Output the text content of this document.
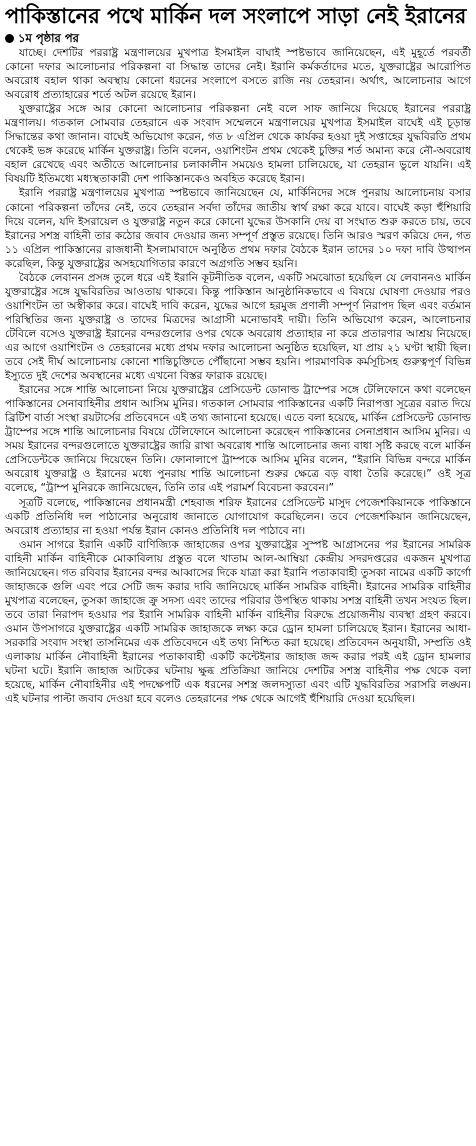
পাকিস্তানের পথে মার্কিন দল সংলাপে সাড়া নেই ইরানের
১ম পৃষ্ঠার পর

যাচ্ছে। দেশটির পররাষ্ট্র মন্ত্রণালয়ের মুখপাত্র ইসমাইল বাঘাই স্পষ্টভাবে জানিয়েছেন, এই মুহূর্তে পরবর্তী কোনো দফার আলোচনার পরিকল্পনা বা সিদ্ধান্ত তাদের নেই। ইরানি কর্মকর্তাদের মতে, যুক্তরাষ্ট্রের আরোপিত অবরোধ বহাল থাকা অবস্থায় কোনো ধরনের সংলাপে বসতে রাজি নয় তেহরান। অর্থাৎ, আলোচনার আগে অবরোধ প্রত্যাহারের শর্তে অটল রয়েছে ইরান।

যুক্তরাষ্ট্রের সঙ্গে আর কোনো আলোচনার পরিকল্পনা নেই বলে সাফ জানিয়ে দিয়েছে ইরানের পররাষ্ট্র মন্ত্রণালয়। গতকাল সোমবার তেহরানে এক সংবাদ সম্মেলনে মন্ত্রণালয়ের মুখপাত্র ইসমাইল বাঘেই এই চূড়ান্ত সিদ্ধান্তের কথা জানান। বাঘেই অভিযোগ করেন, গত ৮ এপ্রিল থেকে কার্যকর হওয়া দুই সপ্তাহের যুদ্ধবিরতি প্রথম থেকেই ভঙ্গ করেছে মার্কিন যুক্তরাষ্ট্র। তিনি বলেন, ওয়াশিংটন প্রথম থেকেই চুক্তির শর্ত অমান্য করে নৌ-অবরোধ বহাল রেখেছে এবং অতীতে আলোচনার চলাকালীন সময়েও হামলা চালিয়েছে, যা তেহরান ভুলে যায়নি। এই বিষয়টি ইতিমধ্যে মধ্যস্থতাকারী দেশ পাকিস্তানকেও অবহিত করেছে ইরান।

ইরানি পররাষ্ট্র মন্ত্রণালয়ের মুখপাত্র স্পষ্টভাবে জানিয়েছেন যে, মার্কিনিদের সঙ্গে পুনরায় আলোচনায় বসার কোনো পরিকল্পনা তাঁদের নেই, তবে তেহরান সর্বদা তাঁদের জাতীয় স্বার্থ রক্ষা করে যাবে। বাঘেই কড়া হুঁশিয়ারি দিয়ে বলেন, যদি ইসরায়েল ও যুক্তরাষ্ট্র নতুন করে কোনো যুদ্ধের উসকানি দেয় বা সংঘাত শুরু করতে চায়, তবে ইরানের সশস্ত্র বাহিনী তার কঠোর জবাব দেওয়ার জন্য সম্পূর্ণ প্রস্তুত রয়েছে। তিনি আরও স্মরণ করিয়ে দেন, গত ১১ এপ্রিল পাকিস্তানের রাজধানী ইসলামাবাদে অনুষ্ঠিত প্রথম দফার বৈঠকে ইরান তাদের ১০ দফা দাবি উত্থাপন করেছিল, কিন্তু যুক্তরাষ্ট্রের অসহযোগিতার কারণে অগ্রগতি সম্ভব হয়নি।

বৈঠকে লেবানন প্রসঙ্গ তুলে ধরে এই ইরানি কূটনীতিক বলেন, একটি সমঝোতা হয়েছিল যে লেবাননও মার্কিন যুক্তরাষ্ট্রের সঙ্গে যুদ্ধবিরতির আওতায় থাকবে। কিন্তু পাকিস্তান আনুষ্ঠানিকভাবে এ বিষয়ে ঘোষণা দেওয়ার পরও ওয়াশিংটন তা অস্বীকার করে। বাঘেই দাবি করেন, যুদ্ধের আগে হরমুজ প্রণালী সম্পূর্ণ নিরাপদ ছিল এবং বর্তমান পরিস্থিতির জন্য যুক্তরাষ্ট্র ও তাদের মিত্রদের আগ্রাসী মনোভাবই দায়ী। তিনি অভিযোগ করেন, আলোচনার টেবিলে বসেও যুক্তরাষ্ট্র ইরানের বন্দরগুলোর ওপর থেকে অবরোধ প্রত্যাহার না করে প্রতারণার আশ্রয় নিয়েছে। এর আগে ওয়াশিংটন ও তেহরানের মধ্যে প্রথম দফার আলোচনা অনুষ্ঠিত হয়েছিল, যা প্রায় ২১ ঘণ্টা স্থায়ী ছিল। তবে সেই দীর্ঘ আলোচনায় কোনো শান্তিচুক্তিতে পৌঁছানো সম্ভব হয়নি। পারমাণবিক কর্মসূচিসহ গুরুত্বপূর্ণ বিভিন্ন ইস্যুতে দুই দেশের অবস্থানের মধ্যে এখনো বিস্তর ফারাক রয়েছে।

ইরানের সঙ্গে শান্তি আলোচনা নিয়ে যুক্তরাষ্ট্রের প্রেসিডেন্ট ডোনাল্ড ট্রাম্পের সঙ্গে টেলিফোনে কথা বলেছেন পাকিস্তানের সেনাবাহিনীর প্রধান আসিম মুনির। গতকাল সোমবার পাকিস্তানের একটি নিরাপত্তা সূত্রের বরাত দিয়ে ব্রিটিশ বার্তা সংস্থা রয়টার্সের প্রতিবেদনে এই তথ্য জানানো হয়েছে। এতে বলা হয়েছে, মার্কিন প্রেসিডেন্ট ডোনাল্ড ট্রাম্পের সঙ্গে শান্তি আলোচনার বিষয়ে টেলিফোনে আলোচনা করেছেন পাকিস্তানের সেনাপ্রধান আসিম মুনির। এ সময় ইরানের বন্দরগুলোতে যুক্তরাষ্ট্রের জারি রাখা অবরোধ শান্তি আলোচনার জন্য বাধা সৃষ্টি করছে বলে মার্কিন প্রেসিডেন্টকে জানিয়ে দিয়েছেন তিনি। ফোনালাপে ট্রাম্পকে আসিম মুনির বলেন, “ইরানি বিভিন্ন বন্দরে মার্কিন অবরোধ যুক্তরাষ্ট্র ও ইরানের মধ্যে পুনরায় শান্তি আলোচনা শুরুর ক্ষেত্রে বড় বাধা তৈরি করেছে।” ওই সূত্র বলেছে, “ট্রাম্প মুনিরকে জানিয়েছেন, তিনি তার এই পরামর্শ বিবেচনা করবেন।”

সূত্রটি বলেছে, পাকিস্তানের প্রধানমন্ত্রী শেহবাজ শরিফ ইরানের প্রেসিডেন্ট মাসুদ পেজেশকিয়ানকে পাকিস্তানে একটি প্রতিনিধি দল পাঠানোর অনুরোধ জানাতে যোগাযোগ করেছিলেন। তবে পেজেশকিয়ান জানিয়েছেন, অবরোধ প্রত্যাহার না হওয়া পর্যন্ত ইরান কোনও প্রতিনিধি দল পাঠাবে না।

ওমান সাগরে ইরানি একটি বাণিজ্যিক জাহাজের ওপর যুক্তরাষ্ট্রের সুস্পষ্ট আগ্রাসনের পর ইরানের সামরিক বাহিনী মার্কিন বাহিনীকে মোকাবিলায় প্রস্তুত বলে খাতাম আল-আম্বিয়া কেন্দ্রীয় সদরদপ্তরের একজন মুখপাত্র জানিয়েছেন। গত রবিবার ইরানের বন্দর আব্বাসের দিকে যাত্রা করা ইরানি পতাকাবাহী তুসকা নামের একটি কার্গো জাহাজকে গুলি এবং পরে সেটি জব্দ করার দাবি জানিয়েছে মার্কিন সামরিক বাহিনী। ইরানের সামরিক বাহিনীর মুখপাত্র বলেছেন, তুসকা জাহাজে ক্রু সদস্য এবং তাদের পরিবার উপস্থিত থাকায় সশস্ত্র বাহিনী তখন সংযত ছিল। তবে তারা নিরাপদ হওয়ার পর ইরানি সামরিক বাহিনী মার্কিন বাহিনীর বিরুদ্ধে প্রয়োজনীয় ব্যবস্থা গ্রহণ করবে। ওমান উপসাগরে যুক্তরাষ্ট্রের একটি সামরিক জাহাজকে লক্ষ্য করে ড্রোন হামলা চালিয়েছে ইরান। ইরানের আধা-সরকারি সংবাদ সংস্থা তাসনিমের এক প্রতিবেদনে এই তথ্য নিশ্চিত করা হয়েছে। প্রতিবেদন অনুযায়ী, সম্প্রতি ওই এলাকায় মার্কিন নৌবাহিনী ইরানের পতাকাবাহী একটি কন্টেইনার জাহাজ জব্দ করার পরই এই ড্রোন হামলার ঘটনা ঘটে। ইরানি জাহাজ আটকের ঘটনায় ক্ষুব্ধ প্রতিক্রিয়া জানিয়ে দেশটির সশস্ত্র বাহিনীর পক্ষ থেকে বলা হয়েছে, মার্কিন নৌবাহিনীর এই পদক্ষেপটি এক ধরনের সশস্ত্র জলদস্যুতা এবং এটি যুদ্ধবিরতির সরাসরি লঙ্ঘন। এই ঘটনার পাল্টা জবাব দেওয়া হবে বলেও তেহরানের পক্ষ থেকে আগেই হুঁশিয়ারি দেওয়া হয়েছিল।
